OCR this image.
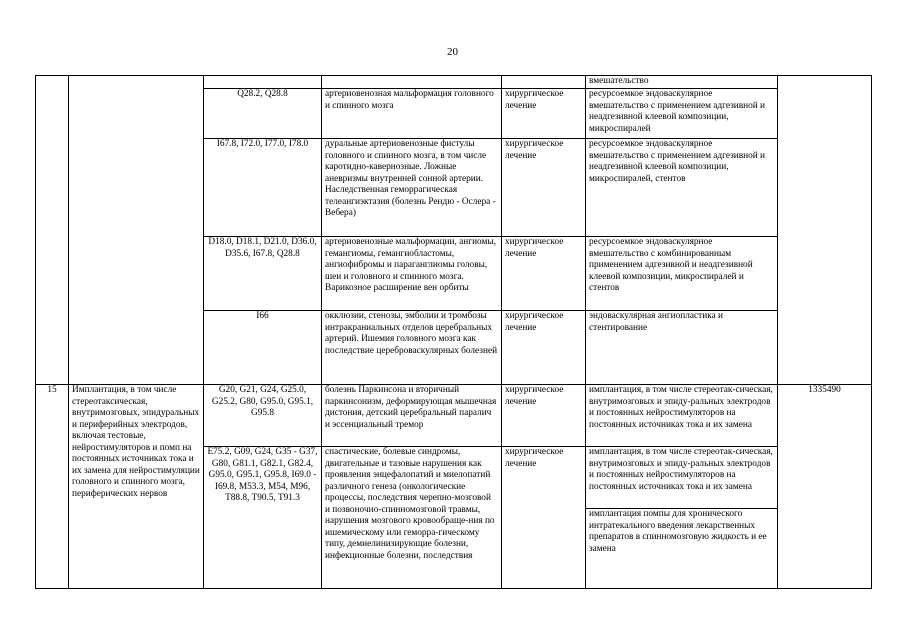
20
					вмешательство	
		Q28.2, Q28.8	артериовенозная мальформация головного и спинного мозга	хирургическое лечение	ресурсоемкое эндоваскулярное вмешательство с применением адгезивной и неадгезивной клеевой композиции, микроспиралей	
		I67.8, I72.0, I77.0, I78.0	дуральные артериовенозные фистулы головного и спинного мозга, в том числе каротидно-кавернозные. Ложные аневризмы внутренней сонной артерии. Наследственная геморрагическая телеангиэктазия (болезнь Рендю - Ослера - Вебера)	хирургическое лечение	ресурсоемкое эндоваскулярное вмешательство с применением адгезивной и неадгезивной клеевой композиции, микроспиралей, стентов	
		D18.0, D18.1, D21.0, D36.0, D35.6, I67.8, Q28.8	артериовенозные мальформации, ангиомы, гемангиомы, гемангиобластомы, ангиофибромы и параганглиомы головы, шеи и головного и спинного мозга. Варикозное расширение вен орбиты	хирургическое лечение	ресурсоемкое эндоваскулярное вмешательство с комбинированным применением адгезивной и неадгезивной клеевой композиции, микроспиралей и стентов	
		I66	окклюзии, стенозы, эмболии и тромбозы интракраниальных отделов церебральных артерий. Ишемия головного мозга как последствие цереброваскулярных болезней	хирургическое лечение	эндоваскулярная ангиопластика и стентирование	
15	Имплантация, в том числе стереотаксическая, внутримозговых, эпидуральных и периферийных электродов, включая тестовые, нейростимуляторов и помп на постоянных источниках тока и их замена для нейростимуляции головного и спинного мозга, периферических нервов	G20, G21, G24, G25.0, G25.2, G80, G95.0, G95.1, G95.8	болезнь Паркинсона и вторичный паркинсонизм, деформирующая мышечная дистония, детский церебральный паралич и эссенциальный тремор	хирургическое лечение	имплантация, в том числе стереотак-сическая, внутримозговых и эпиду-ральных электродов и постоянных нейростимуляторов на постоянных источниках тока и их замена	1335490
		E75.2, G09, G24, G35 - G37, G80, G81.1, G82.1, G82.4, G95.0, G95.1, G95.8, I69.0 - I69.8, M53.3, M54, M96, T88.8, T90.5, T91.3	спастические, болевые синдромы, двигательные и тазовые нарушения как проявления энцефалопатий и миелопатий различного генеза (онкологические процессы, последствия черепно-мозговой и позвоночно-спинномозговой травмы, нарушения мозгового кровообраще-ния по ишемическому или геморра-гическому типу, демиелинизирующие болезни, инфекционные болезни, последствия	хирургическое лечение	имплантация, в том числе стереотак-сическая, внутримозговых и эпиду-ральных электродов и постоянных нейростимуляторов на постоянных источниках тока и их замена	
					имплантация помпы для хронического интратекального введения лекарственных препаратов в спинномозговую жидкость и ее замена	
